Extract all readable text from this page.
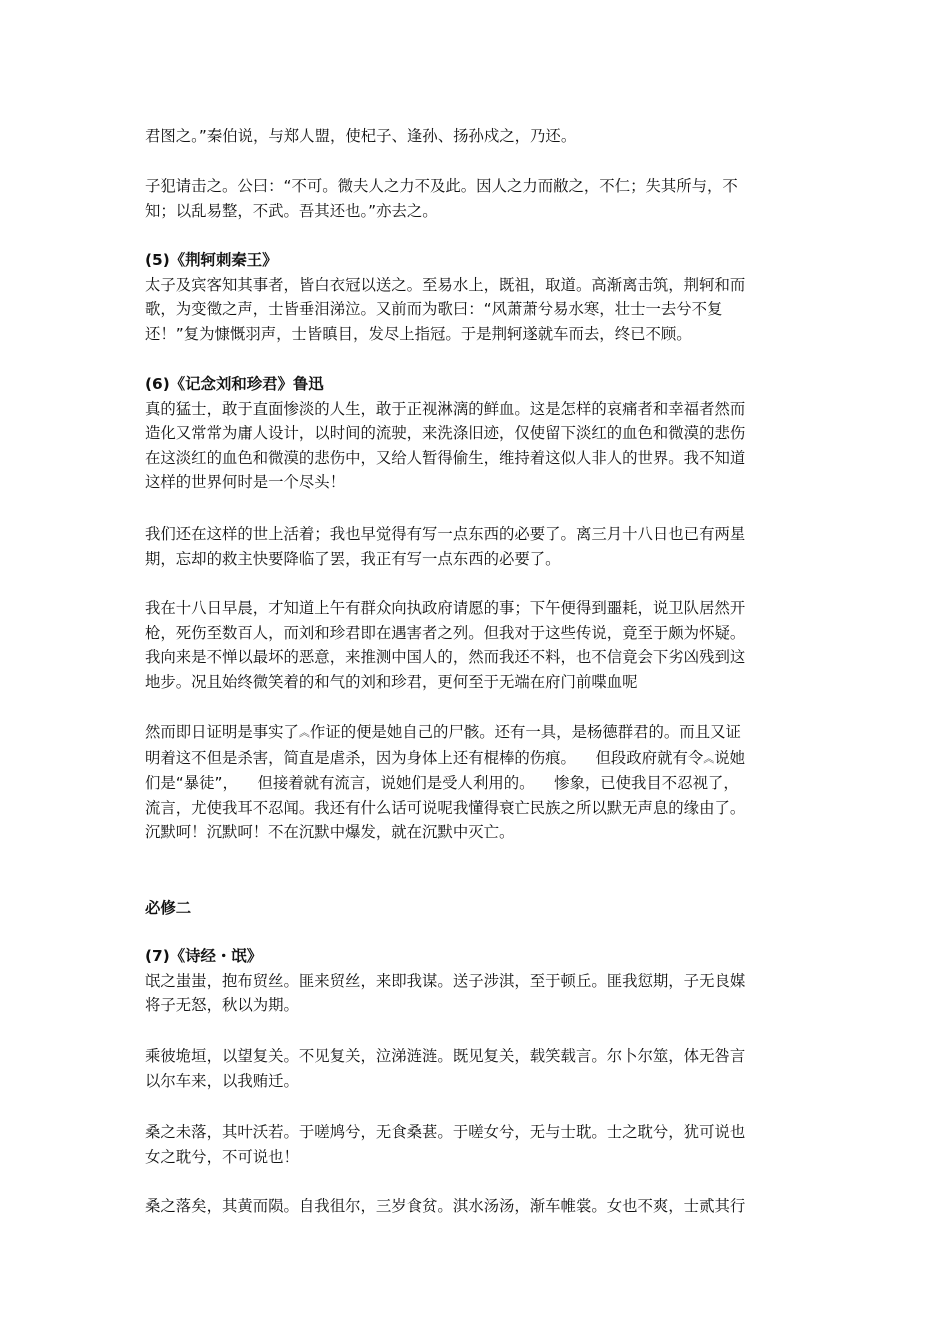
君图之。”秦伯说，与郑人盟，使杞子、逢孙、扬孙戍之，乃还。
子犯请击之。公曰：“不可。微夫人之力不及此。因人之力而敝之，不仁；失其所与，不
知；以乱易整，不武。吾其还也。”亦去之。
(5)《荆轲刺秦王》
太子及宾客知其事者，皆白衣冠以送之。至易水上，既祖，取道。高渐离击筑，荆轲和而
歌，为变徵之声，士皆垂泪涕泣。又前而为歌曰：“风萧萧兮易水寒，壮士一去兮不复
还！”复为慷慨羽声，士皆瞋目，发尽上指冠。于是荆轲遂就车而去，终已不顾。
(6)《记念刘和珍君》鲁迅
真的猛士，敢于直面惨淡的人生，敢于正视淋漓的鲜血。这是怎样的哀痛者和幸福者然而
造化又常常为庸人设计，以时间的流驶，来洗涤旧迹，仅使留下淡红的血色和微漠的悲伤
在这淡红的血色和微漠的悲伤中，又给人暂得偷生，维持着这似人非人的世界。我不知道
这样的世界何时是一个尽头！
我们还在这样的世上活着；我也早觉得有写一点东西的必要了。离三月十八日也已有两星
期，忘却的救主快要降临了罢，我正有写一点东西的必要了。
我在十八日早晨，才知道上午有群众向执政府请愿的事；下午便得到噩耗，说卫队居然开
枪，死伤至数百人，而刘和珍君即在遇害者之列。但我对于这些传说，竟至于颇为怀疑。
我向来是不惮以最坏的恶意，来推测中国人的，然而我还不料，也不信竟会下劣凶残到这
地步。况且始终微笑着的和气的刘和珍君，更何至于无端在府门前喋血呢
然而即日证明是事实了︽作证的便是她自己的尸骸。还有一具，是杨德群君的。而且又证
明着这不但是杀害，简直是虐杀，因为身体上还有棍棒的伤痕。    但段政府就有令︽说她
们是“暴徒”，    但接着就有流言，说她们是受人利用的。    惨象，已使我目不忍视了，
流言，尤使我耳不忍闻。我还有什么话可说呢我懂得衰亡民族之所以默无声息的缘由了。
沉默呵！沉默呵！不在沉默中爆发，就在沉默中灭亡。
必修二
(7)《诗经・氓》
氓之蚩蚩，抱布贸丝。匪来贸丝，来即我谋。送子涉淇，至于顿丘。匪我愆期，子无良媒
将子无怒，秋以为期。
乘彼垝垣，以望复关。不见复关，泣涕涟涟。既见复关，载笑载言。尔卜尔筮，体无咎言
以尔车来，以我贿迁。
桑之未落，其叶沃若。于嗟鸠兮，无食桑葚。于嗟女兮，无与士耽。士之耽兮，犹可说也
女之耽兮，不可说也！
桑之落矣，其黄而陨。自我徂尔，三岁食贫。淇水汤汤，渐车帷裳。女也不爽，士贰其行
